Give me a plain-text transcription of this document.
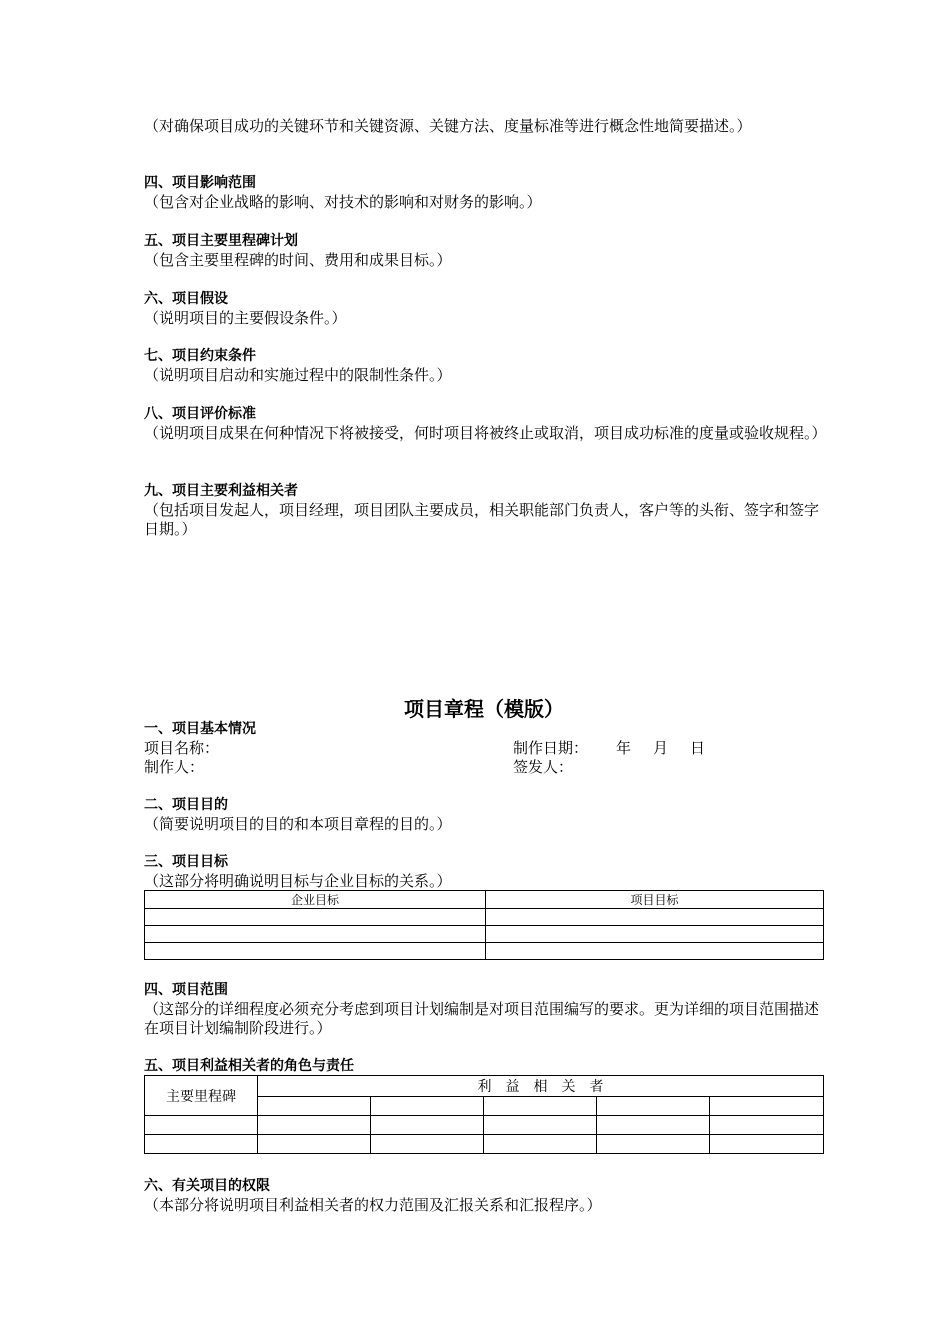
（对确保项目成功的关键环节和关键资源、关键方法、度量标准等进行概念性地简要描述。）
四、项目影响范围
（包含对企业战略的影响、对技术的影响和对财务的影响。）
五、项目主要里程碑计划
（包含主要里程碑的时间、费用和成果目标。）
六、项目假设
（说明项目的主要假设条件。）
七、项目约束条件
（说明项目启动和实施过程中的限制性条件。）
八、项目评价标准
（说明项目成果在何种情况下将被接受，何时项目将被终止或取消，项目成功标准的度量或验收规程。）
九、项目主要利益相关者
（包括项目发起人，项目经理，项目团队主要成员，相关职能部门负责人，客户等的头衔、签字和签字日期。）
项目章程（模版）
一、项目基本情况
项目名称：	制作日期： 年 月 日
制作人：	签发人：
二、项目目的
（简要说明项目的目的和本项目章程的目的。）
三、项目目标
（这部分将明确说明目标与企业目标的关系。）
企业目标	项目目标

四、项目范围
（这部分的详细程度必须充分考虑到项目计划编制是对项目范围编写的要求。更为详细的项目范围描述在项目计划编制阶段进行。）
五、项目利益相关者的角色与责任
主要里程碑	利　益　相　关　者				

六、有关项目的权限
（本部分将说明项目利益相关者的权力范围及汇报关系和汇报程序。）
